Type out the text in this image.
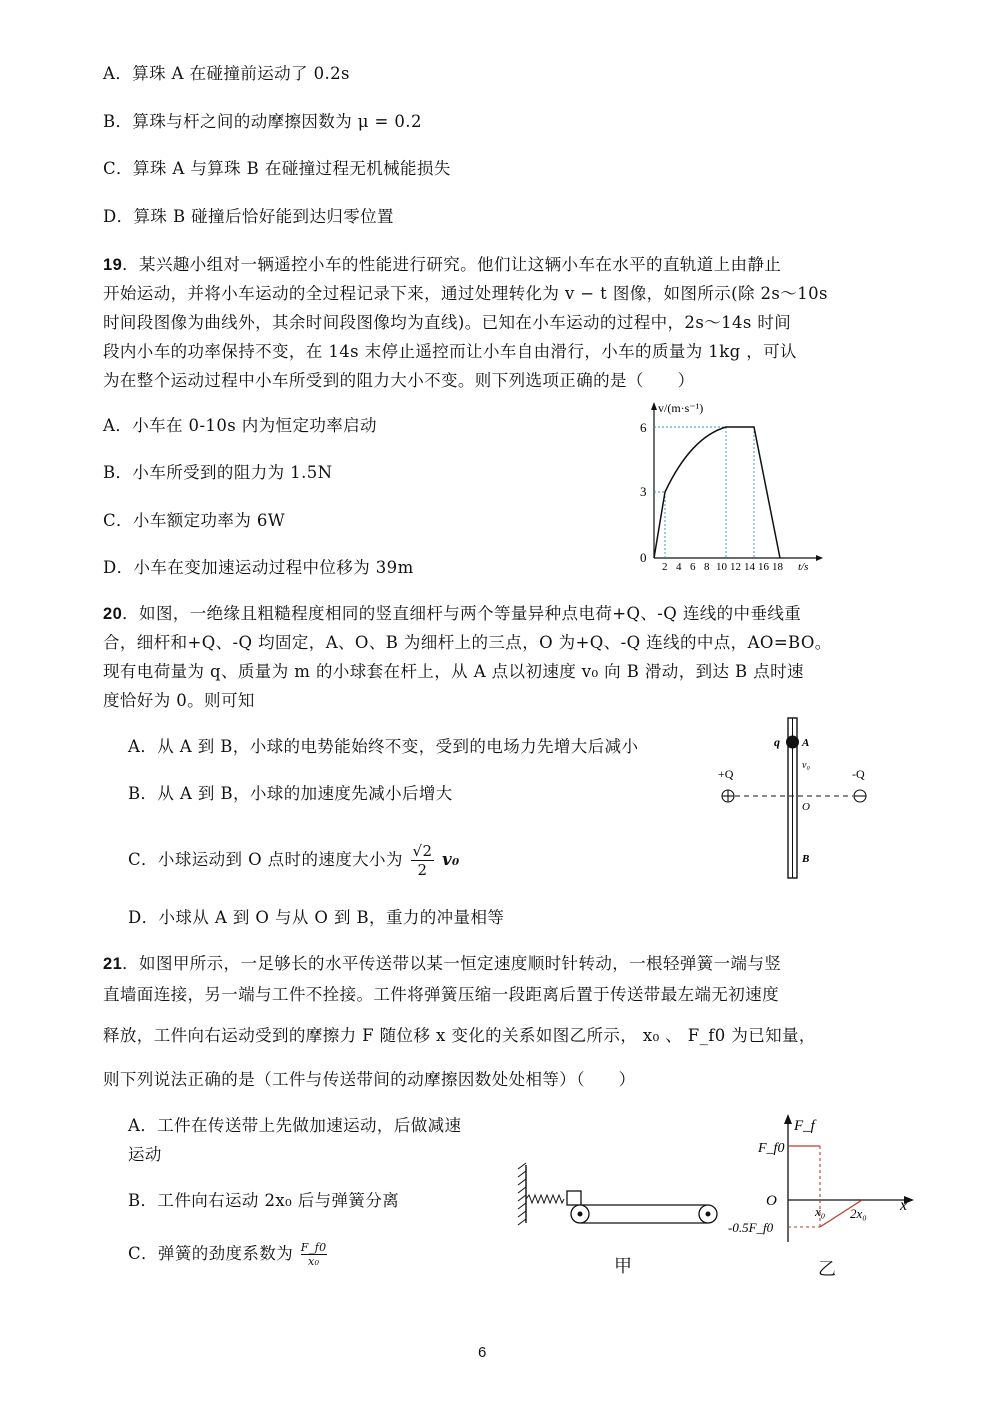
A．算珠 A 在碰撞前运动了 0.2s
B．算珠与杆之间的动摩擦因数为 μ = 0.2
C．算珠 A 与算珠 B 在碰撞过程无机械能损失
D．算珠 B 碰撞后恰好能到达归零位置
19．某兴趣小组对一辆遥控小车的性能进行研究。他们让这辆小车在水平的直轨道上由静止
开始运动，并将小车运动的全过程记录下来，通过处理转化为 v − t 图像，如图所示(除 2s～10s
时间段图像为曲线外，其余时间段图像均为直线)。已知在小车运动的过程中，2s～14s 时间
段内小车的功率保持不变，在 14s 末停止遥控而让小车自由滑行，小车的质量为 1kg ，可认
为在整个运动过程中小车所受到的阻力大小不变。则下列选项正确的是（　　）
A．小车在 0-10s 内为恒定功率启动
B．小车所受到的阻力为 1.5N
C．小车额定功率为 6W
D．小车在变加速运动过程中位移为 39m
v/(m·s⁻¹)
6
3
0
2 4 6 8 10 12 14 16 18 t/s
20．如图，一绝缘且粗糙程度相同的竖直细杆与两个等量异种点电荷+Q、-Q 连线的中垂线重
合，细杆和+Q、-Q 均固定，A、O、B 为细杆上的三点，O 为+Q、-Q 连线的中点，AO=BO。
现有电荷量为 q、质量为 m 的小球套在杆上，从 A 点以初速度 v₀ 向 B 滑动，到达 B 点时速
度恰好为 0。则可知
A．从 A 到 B，小球的电势能始终不变，受到的电场力先增大后减小
B．从 A 到 B，小球的加速度先减小后增大
C．小球运动到 O 点时的速度大小为 $\frac{√2}{2} v_0$
D．小球从 A 到 O 与从 O 到 B，重力的冲量相等
q A
v₀
+Q	-Q
O
B
21．如图甲所示，一足够长的水平传送带以某一恒定速度顺时针转动，一根轻弹簧一端与竖
直墙面连接，另一端与工件不拴接。工件将弹簧压缩一段距离后置于传送带最左端无初速度
释放，工件向右运动受到的摩擦力 F 随位移 x 变化的关系如图乙所示， x₀ 、 F_f0 为已知量，
则下列说法正确的是（工件与传送带间的动摩擦因数处处相等）（　　）
A．工件在传送带上先做加速运动，后做减速
运动
B．工件向右运动 2x₀ 后与弹簧分离
C．弹簧的劲度系数为 $\frac{F\_f0}{\text{x₀}}$	甲
F_f
F_f0
O	x
x₀ 2x₀
-0.5F_f0
乙
6
